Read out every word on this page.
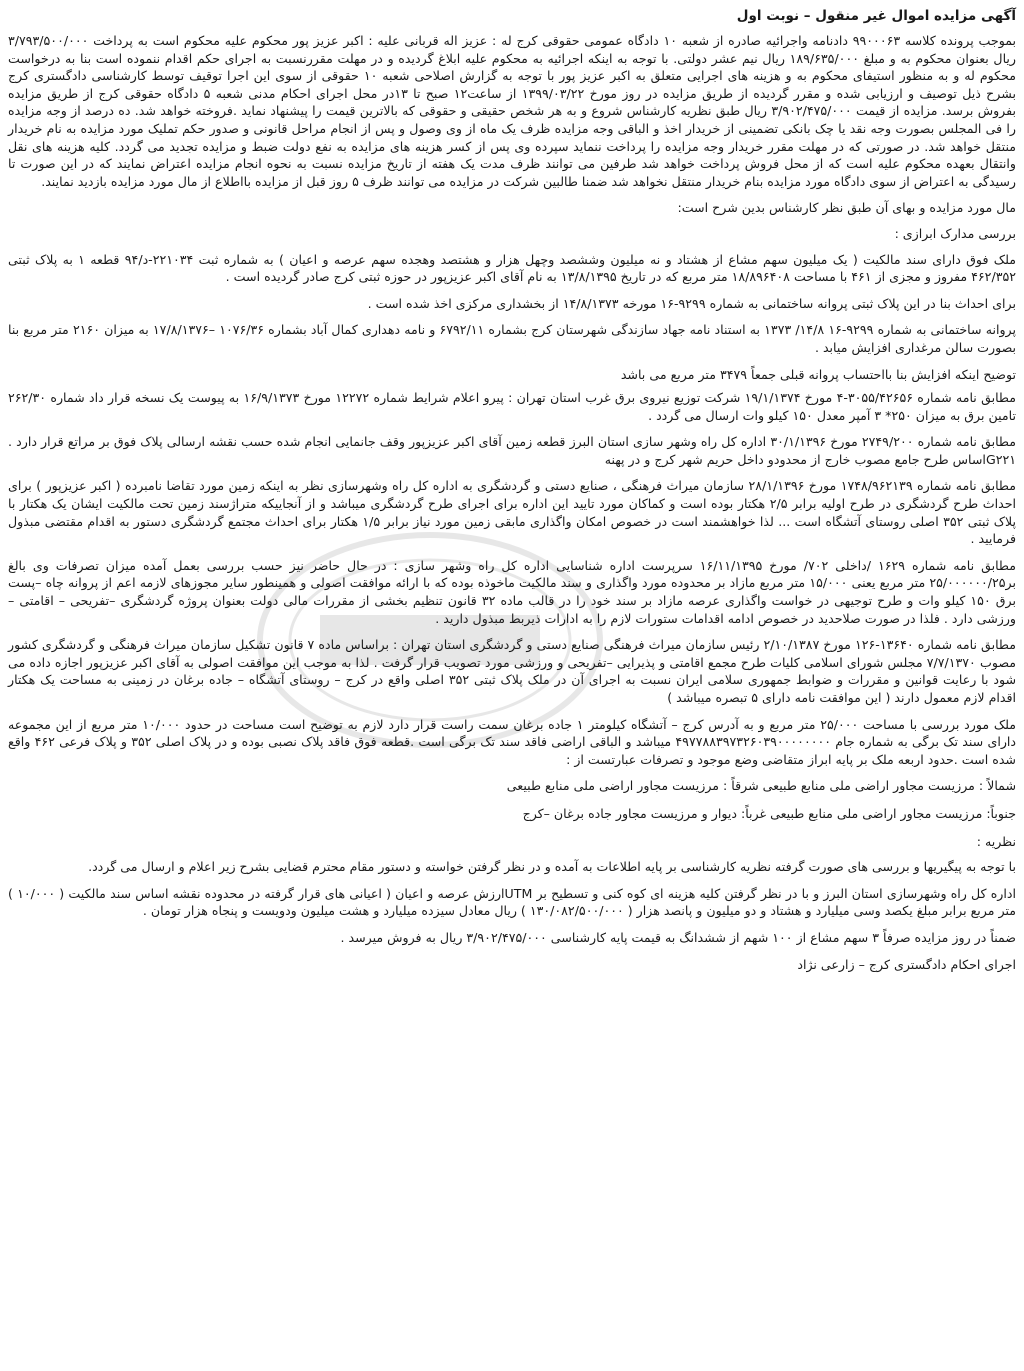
آگهی مزایده اموال غیر منقول – نوبت اول

بموجب پرونده کلاسه ۹۹۰۰۰۶۳ دادنامه واجرائیه صادره از شعبه ۱۰ دادگاه عمومی حقوقی کرج له : عزیز اله قربانی علیه : اکبر عزیز پور محکوم علیه محکوم است به پرداخت ۳/۷۹۳/۵۰۰/۰۰۰ ریال بعنوان محکوم به و مبلغ ۱۸۹/۶۳۵/۰۰۰ ریال نیم عشر دولتی. با توجه به اینکه اجرائیه به محکوم علیه ابلاغ گردیده و در مهلت مقررنسبت به اجرای حکم اقدام ننموده است بنا به درخواست محکوم له و به منظور استیفای محکوم به و هزینه های اجرایی متعلق به اکبر عزیز پور با توجه به گزارش اصلاحی شعبه ۱۰ حقوقی از سوی این اجرا توقیف توسط کارشناسی دادگستری کرج بشرح ذیل توصیف و ارزیابی شده و مقرر گردیده از طریق مزایده در روز مورخ ۱۳۹۹/۰۳/۲۲ از ساعت۱۲ صبح تا ۱۳در محل اجرای احکام مدنی شعبه ۵ دادگاه حقوقی کرج از طریق مزایده بفروش برسد. مزایده از قیمت ۳/۹۰۲/۴۷۵/۰۰۰ ریال طبق نظریه کارشناس شروع و به هر شخص حقیقی و حقوقی که بالاترین قیمت را پیشنهاد نماید .فروخته خواهد شد. ده درصد از وجه مزایده را فی المجلس بصورت وجه نقد یا چک بانکی تضمینی از خریدار اخذ و الباقی وجه مزایده ظرف یک ماه از وی وصول و پس از انجام مراحل قانونی و صدور حکم تملیک مورد مزایده به نام خریدار منتقل خواهد شد. در صورتی که در مهلت مقرر خریدار وجه مزایده را پرداخت ننماید سپرده وی پس از کسر هزینه های مزایده به نفع دولت ضبط و مزایده تجدید می گردد. کلیه هزینه های نقل وانتقال بعهده محکوم علیه است که از محل فروش پرداخت خواهد شد طرفین می توانند ظرف مدت یک هفته از تاریخ مزایده نسبت به نحوه انجام مزایده اعتراض نمایند که در این صورت تا رسیدگی به اعتراض از سوی دادگاه مورد مزایده بنام خریدار منتقل نخواهد شد ضمنا طالبین شرکت در مزایده می توانند ظرف ۵ روز قبل از مزایده بااطلاع از مال مورد مزایده بازدید نمایند.

مال مورد مزایده و بهای آن طبق نظر کارشناس بدین شرح است:

بررسی مدارک ابرازی :

ملک فوق دارای سند مالکیت ( یک میلیون سهم مشاع از هشتاد و نه میلیون وششصد وچهل هزار و هشتصد وهجده سهم عرصه و اعیان ) به شماره ثبت ۲۲۱۰۳۴-د/۹۴ قطعه ۱ به پلاک ثبتی ۴۶۲/۳۵۲ مفروز و مجزی از ۴۶۱ با مساحت ۱۸/۸۹۶۴۰۸ متر مربع که در تاریخ ۱۳/۸/۱۳۹۵ به نام آقای اکبر عزیزپور در حوزه ثبتی کرج صادر گردیده است .

برای احداث بنا در این پلاک ثبتی پروانه ساختمانی به شماره ۹۲۹۹-۱۶ مورخه ۱۴/۸/۱۳۷۳ از بخشداری مرکزی اخذ شده است .

پروانه ساختمانی به شماره ۹۲۹۹-۱۶ ۱۴/۸/ ۱۳۷۳ به استناد نامه جهاد سازندگی شهرستان کرج بشماره ۶۷۹۲/۱۱ و نامه دهداری کمال آباد بشماره ۱۰۷۶/۳۶ –۱۷/۸/۱۳۷۶ به میزان ۲۱۶۰ متر مربع بنا بصورت سالن مرغداری افزایش میابد .

توضیح اینکه افزایش بنا بااحتساب پروانه قبلی جمعاً ۳۴۷۹ متر مربع می باشد

مطابق نامه شماره ۳۰۵۵/۴۲۶۵۶-۴ مورخ ۱۹/۱/۱۳۷۴ شرکت توزیع نیروی برق غرب استان تهران : پیرو اعلام شرایط شماره ۱۲۲۷۲ مورخ ۱۶/۹/۱۳۷۳ به پیوست یک نسخه قرار داد شماره ۲۶۲/۳۰ تامین برق به میزان ۲۵۰* ۳ آمپر معدل ۱۵۰ کیلو وات ارسال می گردد .

مطابق نامه شماره ۲۷۴۹/۲۰۰ مورخ ۳۰/۱/۱۳۹۶ اداره کل راه وشهر سازی استان البرز قطعه زمین آقای اکبر عزیزپور وقف جانمایی انجام شده حسب نقشه ارسالی پلاک فوق بر مراتع قرار دارد . G۲۲۱اساس طرح جامع مصوب خارج از محدودو داخل حریم شهر کرج و در پهنه

مطابق نامه شماره ۱۷۴۸/۹۶۲۱۳۹ مورخ ۲۸/۱/۱۳۹۶ سازمان میراث فرهنگی ، صنایع دستی و گردشگری به اداره کل راه وشهرسازی نظر به اینکه زمین مورد تقاضا نامبرده ( اکبر عزیزپور ) برای احداث طرح گردشگری در طرح اولیه برابر ۲/۵ هکتار بوده است و کماکان مورد تایید این اداره برای اجرای طرح گردشگری میباشد و از آنجاییکه متراژسند زمین تحت مالکیت ایشان یک هکتار با پلاک ثبتی ۳۵۲ اصلی روستای آتشگاه است ... لذا خواهشمند است در خصوص امکان واگذاری مابقی زمین مورد نیاز برابر ۱/۵ هکتار برای احداث مجتمع گردشگری دستور به اقدام مقتضی مبذول فرمایید .

مطابق نامه شماره ۱۶۲۹ /داخلی ۷۰۲/ مورخ ۱۶/۱۱/۱۳۹۵ سرپرست اداره شناسایی اداره کل راه وشهر سازی : در حال حاضر نیز حسب بررسی بعمل آمده میزان تصرفات وی بالغ بر۲۵/۰۰۰۰۰۰/۲۵ متر مربع یعنی ۱۵/۰۰۰ متر مربع مازاد بر محدوده مورد واگذاری و سند مالکیت ماخوذه بوده که با ارائه موافقت اصولی و همینطور سایر مجوزهای لازمه اعم از پروانه چاه –پست برق ۱۵۰ کیلو وات و طرح توجیهی در خواست واگذاری عرصه مازاد بر سند خود را در قالب ماده ۳۲ قانون تنظیم بخشی از مقررات مالی دولت بعنوان پروژه گردشگری –تفریحی – اقامتی –ورزشی دارد . فلذا در صورت صلاحدید در خصوص ادامه اقدامات ستورات لازم را به ادارات ذیربط مبذول دارید .

مطابق نامه شماره ۱۳۶۴۰-۱۲۶ مورخ ۲/۱۰/۱۳۸۷ رئیس سازمان میراث فرهنگی صنایع دستی و گردشگری استان تهران : براساس ماده ۷ قانون تشکیل سازمان میراث فرهنگی و گردشگری کشور مصوب ۷/۷/۱۳۷۰ مجلس شورای اسلامی کلیات طرح مجمع اقامتی و پذیرایی –تفریحی و ورزشی مورد تصویب قرار گرفت . لذا به موجب این موافقت اصولی به آقای اکبر عزیزپور اجازه داده می شود با رعایت قوانین و مقررات و ضوابط جمهوری سلامی ایران نسبت به اجرای آن در ملک پلاک ثبتی ۳۵۲ اصلی واقع در کرج – روستای آتشگاه – جاده برغان در زمینی به مساحت یک هکتار اقدام لازم معمول دارند ( این موافقت نامه دارای ۵ تبصره میباشد )

ملک مورد بررسی با مساحت ۲۵/۰۰۰ متر مربع و به آدرس کرج – آتشگاه کیلومتر ۱ جاده برغان سمت راست قرار دارد لازم به توضیح است مساحت در حدود ۱۰/۰۰۰ متر مربع از این مجموعه دارای سند تک برگی به شماره جام ۴۹۷۷۸۸۳۹۷۳۲۶۰۳۹۰۰۰۰۰۰۰۰ میباشد و الباقی اراضی فاقد سند تک برگی است .قطعه فوق فاقد پلاک نصبی بوده و در پلاک اصلی ۳۵۲ و پلاک فرعی ۴۶۲ واقع شده است .حدود اربعه ملک بر پایه ابراز متقاضی وضع موجود و تصرفات عبارتست از :

شمالاً : مرزیست مجاور اراضی ملی منابع طبیعی شرقاً : مرزیست مجاور اراضی ملی منابع طبیعی

جنوباً: مرزیست مجاور اراضی ملی منابع طبیعی غرباً: دیوار و مرزیست مجاور جاده برغان –کرج

نظریه :

با توجه به پیگیریها و بررسی های صورت گرفته نظریه کارشناسی بر پایه اطلاعات به آمده و در نظر گرفتن خواسته و دستور مقام محترم قضایی بشرح زیر اعلام و ارسال می گردد.

اداره کل راه وشهرسازی استان البرز و با در نظر گرفتن کلیه هزینه ای کوه کنی و تسطیح بر UTMارزش عرصه و اعیان ( اعیانی های قرار گرفته در محدوده نقشه اساس سند مالکیت ( ۱۰/۰۰۰ ) متر مربع برابر مبلغ یکصد وسی میلیارد و هشتاد و دو میلیون و پانصد هزار ( ۱۳۰/۰۸۲/۵۰۰/۰۰۰ ) ریال معادل سیزده میلیارد و هشت میلیون ودویست و پنجاه هزار تومان .

ضمناً در روز مزایده صرفاً ۳ سهم مشاع از ۱۰۰ شهم از ششدانگ به قیمت پایه کارشناسی ۳/۹۰۲/۴۷۵/۰۰۰ ریال به فروش میرسد .

اجرای احکام دادگستری کرج – زارعی نژاد
